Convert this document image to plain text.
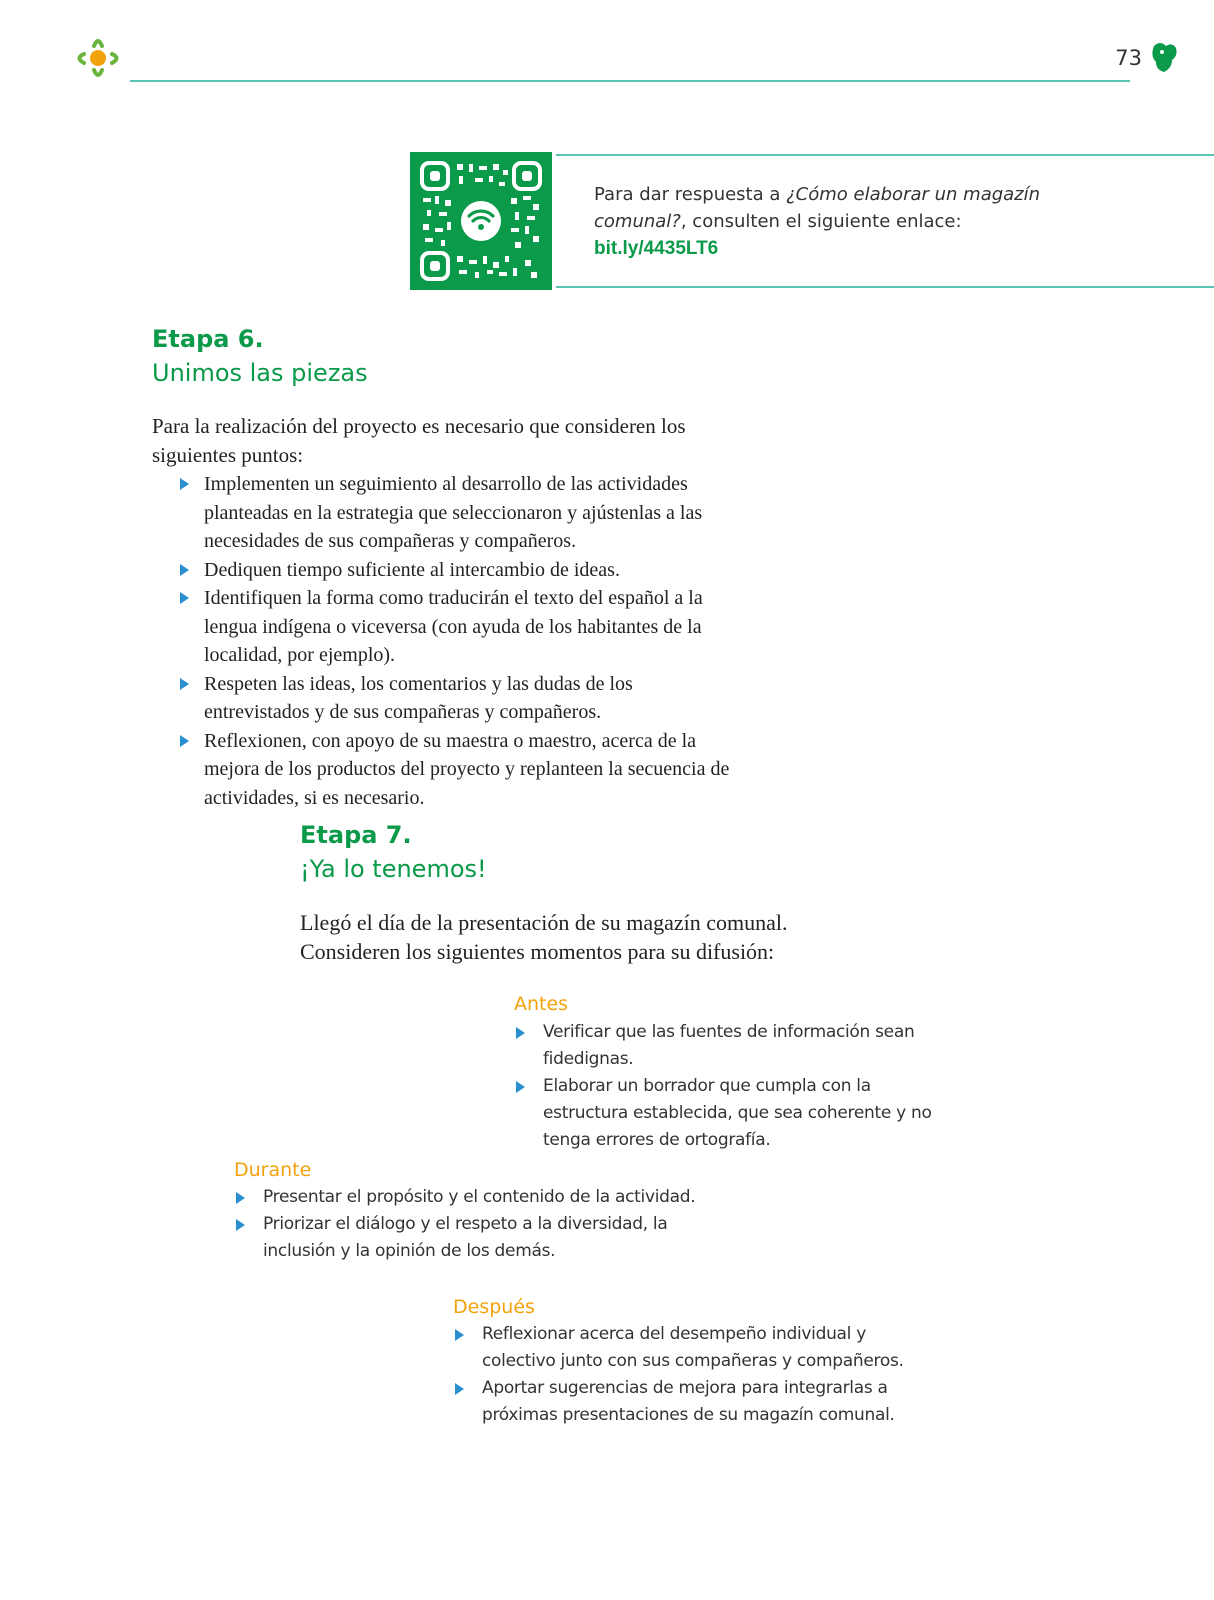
73
Para dar respuesta a ¿Cómo elaborar un magazín comunal?, consulten el siguiente enlace:
bit.ly/4435LT6
Etapa 6.
Unimos las piezas

Para la realización del proyecto es necesario que consideren los siguientes puntos:

Implementen un seguimiento al desarrollo de las actividades planteadas en la estrategia que seleccionaron y ajústenlas a las necesidades de sus compañeras y compañeros.
Dediquen tiempo suficiente al intercambio de ideas.
Identifiquen la forma como traducirán el texto del español a la lengua indígena o viceversa (con ayuda de los habitantes de la localidad, por ejemplo).
Respeten las ideas, los comentarios y las dudas de los entrevistados y de sus compañeras y compañeros.
Reflexionen, con apoyo de su maestra o maestro, acerca de la mejora de los productos del proyecto y replanteen la secuencia de actividades, si es necesario.
Etapa 7.
¡Ya lo tenemos!

Llegó el día de la presentación de su magazín comunal. Consideren los siguientes momentos para su difusión:

Antes
Verificar que las fuentes de información sean fidedignas.
Elaborar un borrador que cumpla con la estructura establecida, que sea coherente y no tenga errores de ortografía.
Durante
Presentar el propósito y el contenido de la actividad.
Priorizar el diálogo y el respeto a la diversidad, la inclusión y la opinión de los demás.
Después
Reflexionar acerca del desempeño individual y colectivo junto con sus compañeras y compañeros.
Aportar sugerencias de mejora para integrarlas a próximas presentaciones de su magazín comunal.
